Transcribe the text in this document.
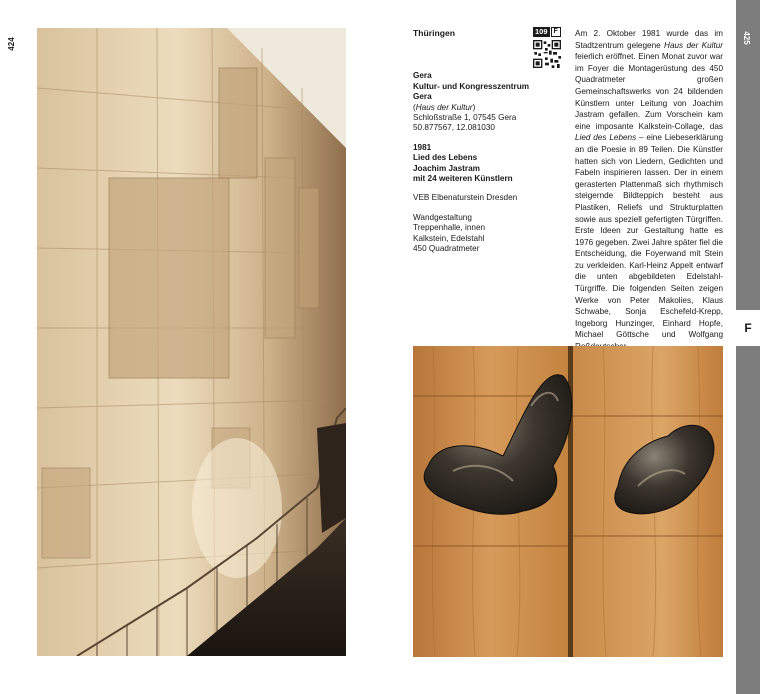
424
Thüringen
Gera
Kultur- und Kongresszentrum Gera
(Haus der Kultur)
Schloßstraße 1, 07545 Gera
50.877567, 12.081030
1981
Lied des Lebens
Joachim Jastram
mit 24 weiteren Künstlern
VEB Elbenaturstein Dresden
Wandgestaltung
Treppenhalle, innen
Kalkstein, Edelstahl
450 Quadratmeter
109 F	Am 2. Oktober 1981 wurde das im Stadtzentrum gelegene Haus der Kultur feierlich eröffnet. Einen Monat zuvor war im Foyer die Montagerüstung des 450 Quadratmeter großen Gemeinschaftswerks von 24 bildenden Künstlern unter Leitung von Joachim Jastram gefallen. Zum Vorschein kam eine imposante Kalkstein-Collage, das Lied des Lebens – eine Liebeserklärung an die Poesie in 89 Teilen. Die Künstler hatten sich von Liedern, Gedichten und Fabeln inspirieren lassen. Der in einem gerasterten Plattenmaß sich rhythmisch steigernde Bildteppich besteht aus Plastiken, Reliefs und Strukturplatten sowie aus speziell gefertigten Türgriffen. Erste Ideen zur Gestaltung hatte es 1976 gegeben. Zwei Jahre später fiel die Entscheidung, die Foyerwand mit Stein zu verkleiden. Karl-Heinz Appelt entwarf die unten abgebildeten Edelstahl-Türgriffe. Die folgenden Seiten zeigen Werke von Peter Makolies, Klaus Schwabe, Sonja Eschefeld-Krepp, Ingeborg Hunzinger, Einhard Hopfe, Michael Göttsche und Wolfgang
425
F
